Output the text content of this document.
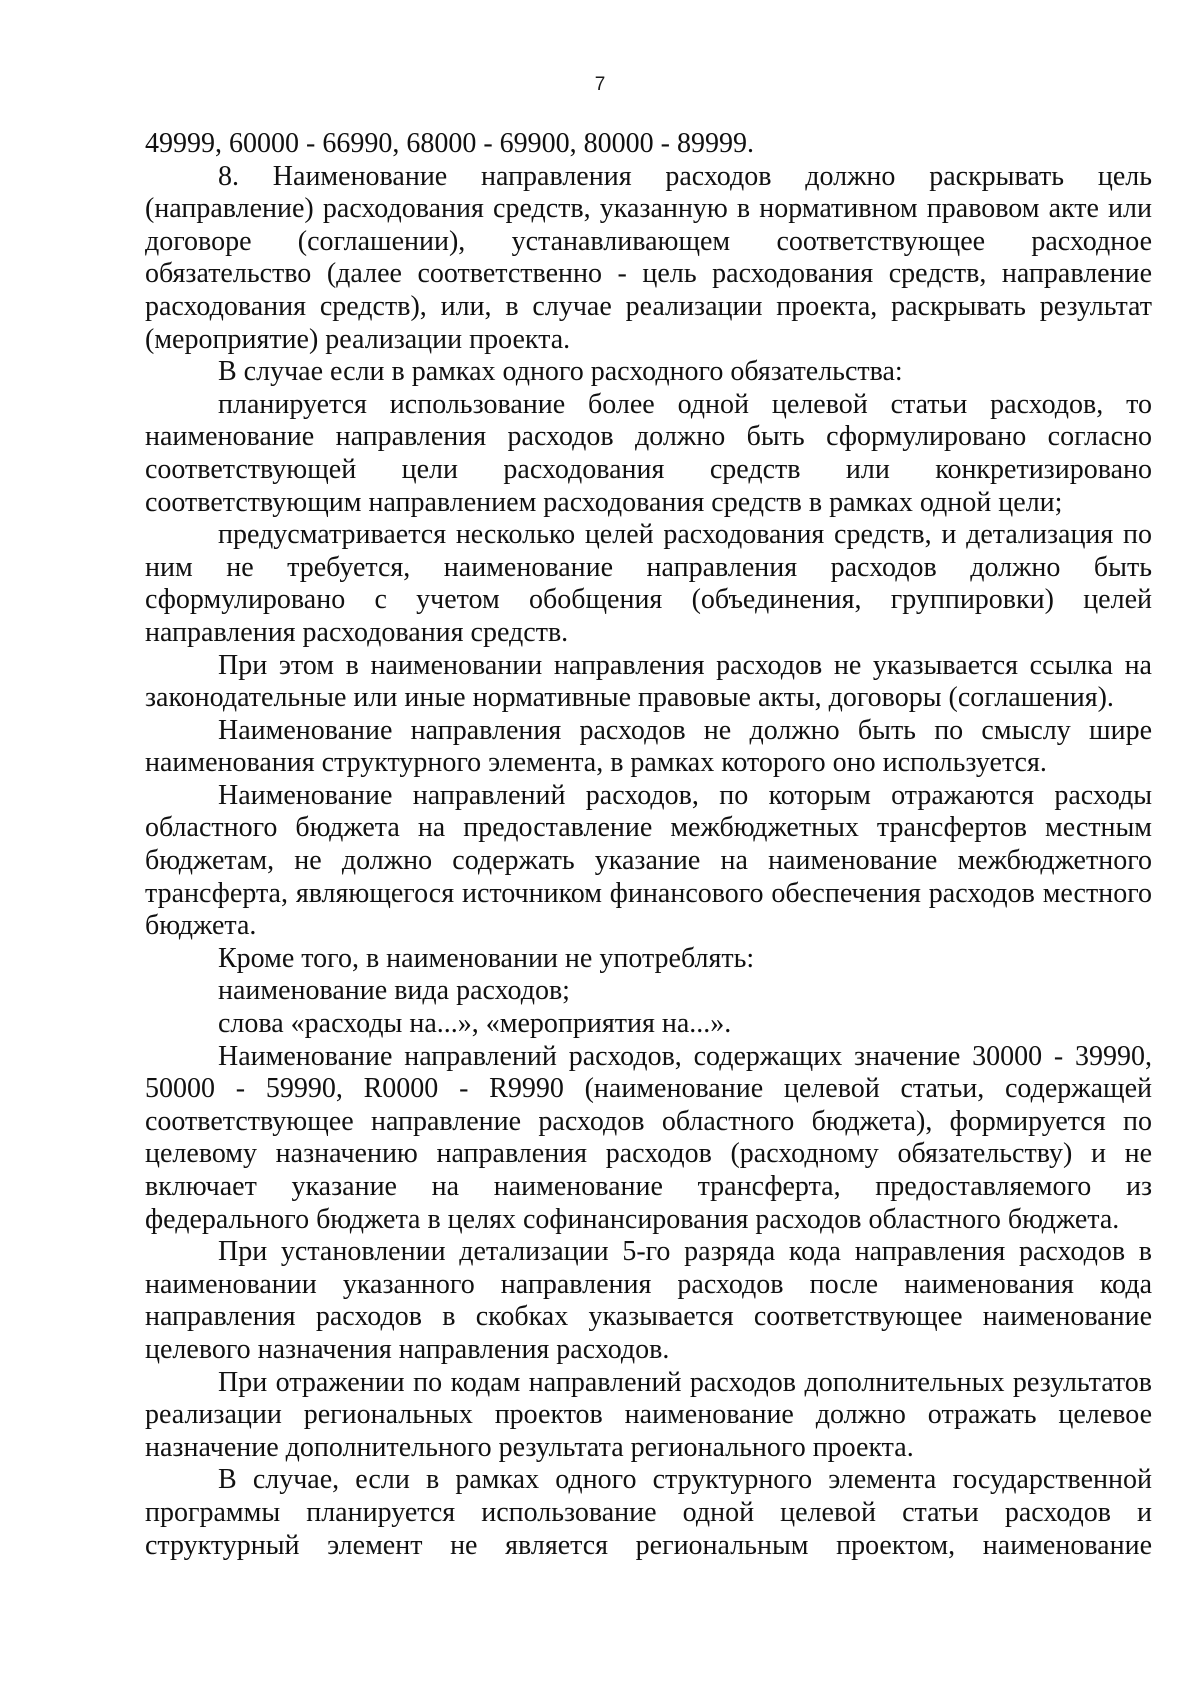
7

49999, 60000 - 66990, 68000 - 69900, 80000 - 89999.

8. Наименование направления расходов должно раскрывать цель (направление) расходования средств, указанную в нормативном правовом акте или договоре (соглашении), устанавливающем соответствующее расходное обязательство (далее соответственно - цель расходования средств, направление расходования средств), или, в случае реализации проекта, раскрывать результат (мероприятие) реализации проекта.

В случае если в рамках одного расходного обязательства:

планируется использование более одной целевой статьи расходов, то наименование направления расходов должно быть сформулировано согласно соответствующей цели расходования средств или конкретизировано соответствующим направлением расходования средств в рамках одной цели;

предусматривается несколько целей расходования средств, и детализация по ним не требуется, наименование направления расходов должно быть сформулировано с учетом обобщения (объединения, группировки) целей направления расходования средств.

При этом в наименовании направления расходов не указывается ссылка на законодательные или иные нормативные правовые акты, договоры (соглашения).

Наименование направления расходов не должно быть по смыслу шире наименования структурного элемента, в рамках которого оно используется.

Наименование направлений расходов, по которым отражаются расходы областного бюджета на предоставление межбюджетных трансфертов местным бюджетам, не должно содержать указание на наименование межбюджетного трансферта, являющегося источником финансового обеспечения расходов местного бюджета.

Кроме того, в наименовании не употреблять:

наименование вида расходов;

слова «расходы на...», «мероприятия на...».

Наименование направлений расходов, содержащих значение 30000 - 39990, 50000 - 59990, R0000 - R9990 (наименование целевой статьи, содержащей соответствующее направление расходов областного бюджета), формируется по целевому назначению направления расходов (расходному обязательству) и не включает указание на наименование трансферта, предоставляемого из федерального бюджета в целях софинансирования расходов областного бюджета.

При установлении детализации 5-го разряда кода направления расходов в наименовании указанного направления расходов после наименования кода направления расходов в скобках указывается соответствующее наименование целевого назначения направления расходов.

При отражении по кодам направлений расходов дополнительных результатов реализации региональных проектов наименование должно отражать целевое назначение дополнительного результата регионального проекта.

В случае, если в рамках одного структурного элемента государственной программы планируется использование одной целевой статьи расходов и структурный элемент не является региональным проектом, наименование
